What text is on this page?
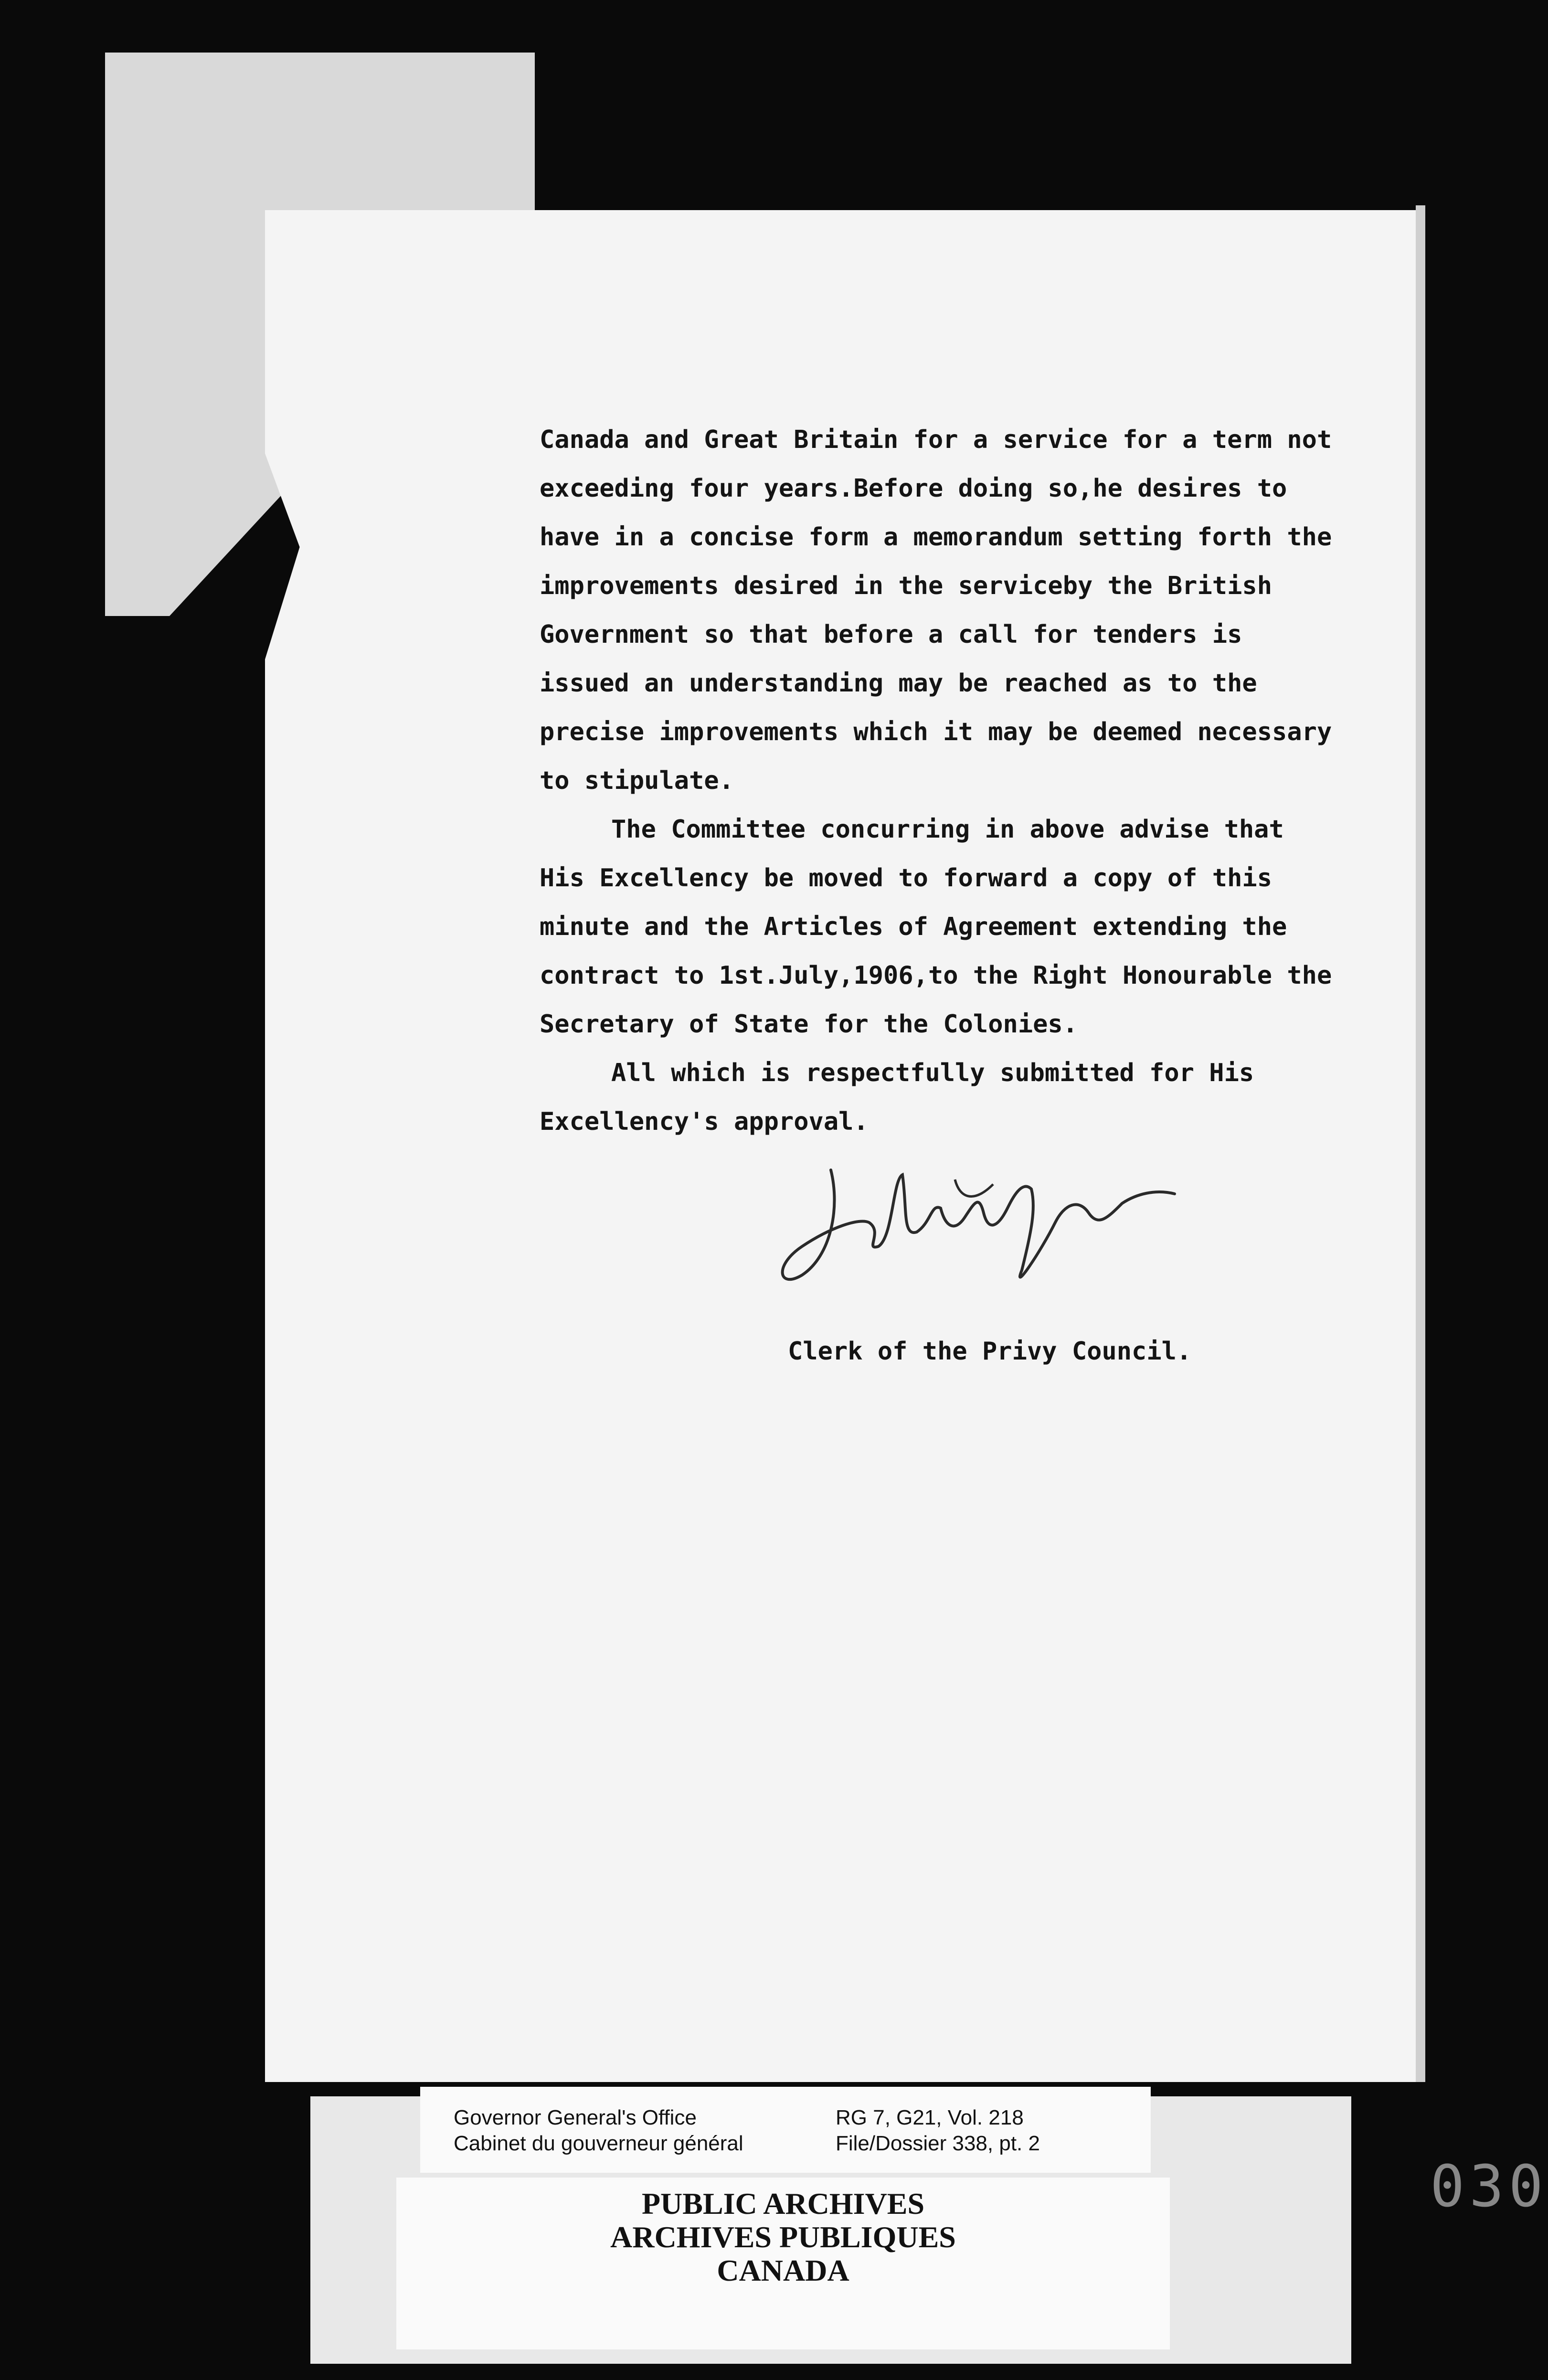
Canada and Great Britain for a service for a term not
exceeding four years.Before doing so,he desires to
have in a concise form a memorandum setting forth the
improvements desired in the serviceby the British
Government so that before a call for tenders is
issued an understanding may be reached as to the
precise improvements which it may be deemed necessary
to stipulate.
The Committee concurring in above advise that
His Excellency be moved to forward a copy of this
minute and the Articles of Agreement extending the
contract to 1st.July,1906,to the Right Honourable the
Secretary of State for the Colonies.
All which is respectfully submitted for His
Excellency's approval.
Clerk of the Privy Council.
Governor General's Office
Cabinet du gouverneur général
RG 7, G21, Vol. 218
File/Dossier 338, pt. 2
PUBLIC ARCHIVES
ARCHIVES PUBLIQUES
CANADA
030
